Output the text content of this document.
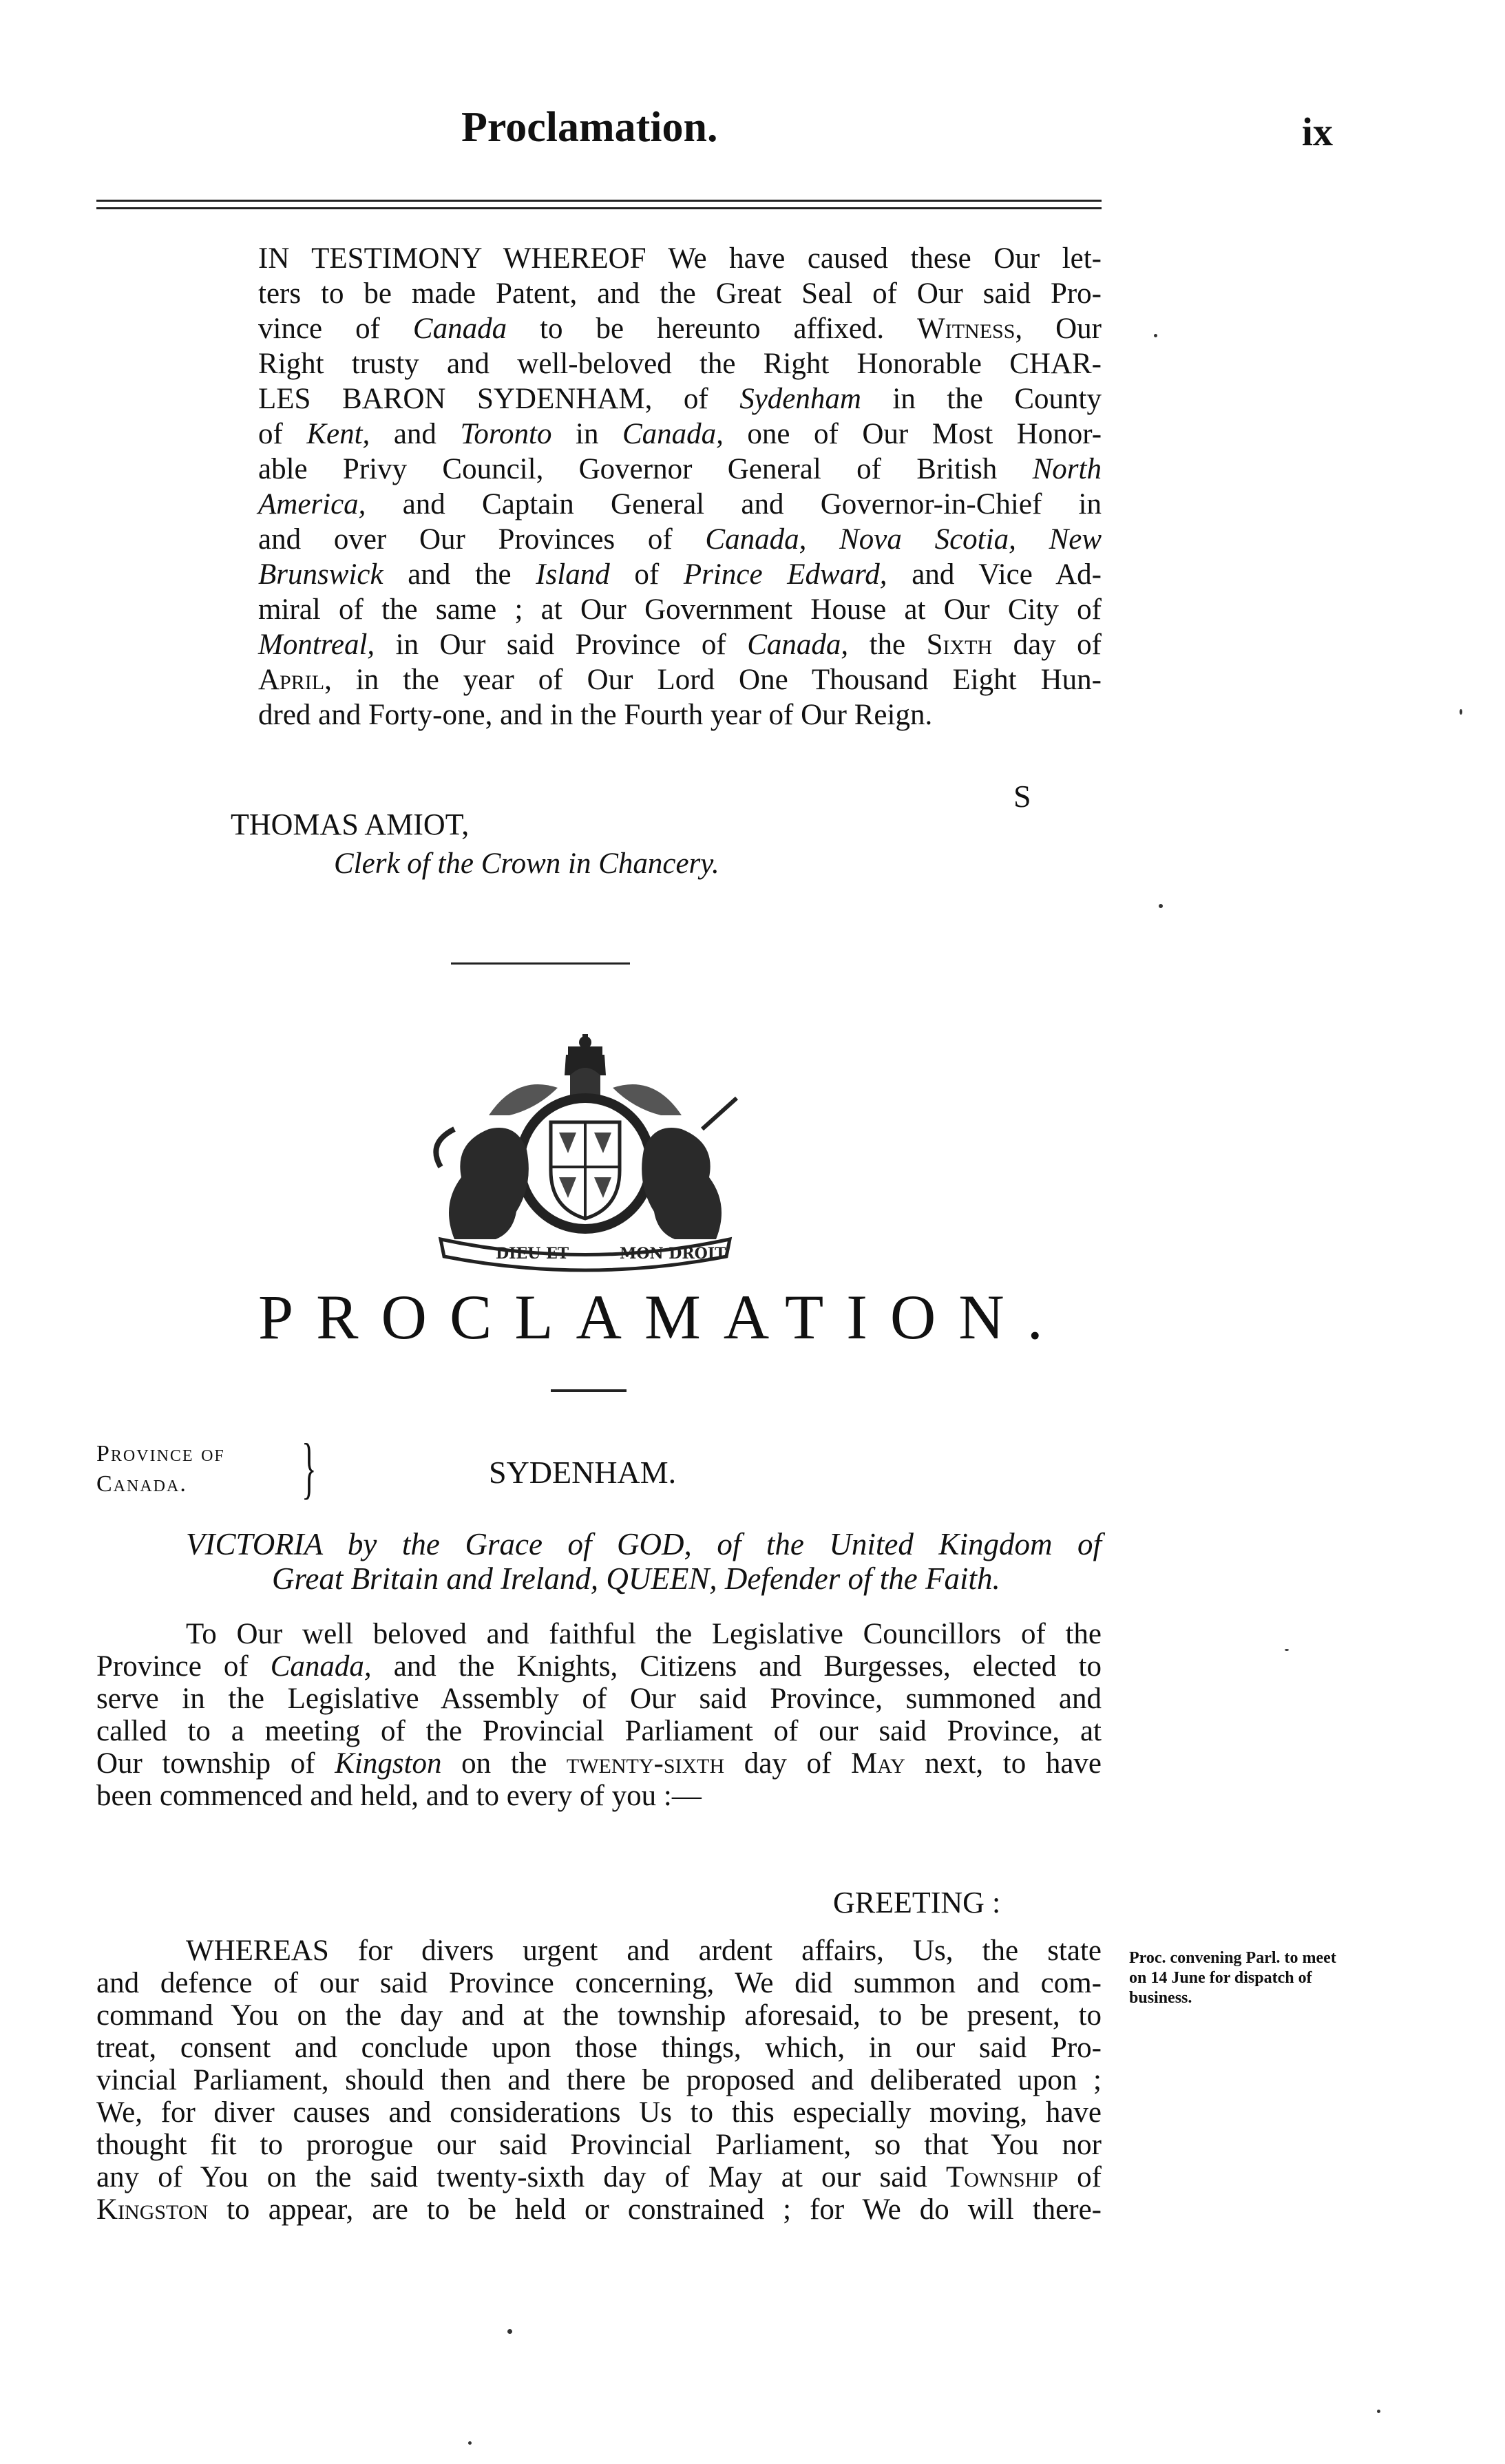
Proclamation.	ix
IN TESTIMONY WHEREOF We have caused these Our let-
ters to be made Patent, and the Great Seal of Our said Pro-
vince of Canada to be hereunto affixed. Witness, Our
Right trusty and well-beloved the Right Honorable CHAR-
LES BARON SYDENHAM, of Sydenham in the County
of Kent, and Toronto in Canada, one of Our Most Honor-
able Privy Council, Governor General of British North
America, and Captain General and Governor-in-Chief in
and over Our Provinces of Canada, Nova Scotia, New
Brunswick and the Island of Prince Edward, and Vice Ad-
miral of the same ; at Our Government House at Our City of
Montreal, in Our said Province of Canada, the Sixth day of
April, in the year of Our Lord One Thousand Eight Hun-
dred and Forty-one, and in the Fourth year of Our Reign.
S
THOMAS AMIOT,
Clerk of the Crown in Chancery.
DIEU ET	MON DROIT
PROCLAMATION.
Province of
Canada.	}	SYDENHAM.
VICTORIA by the Grace of GOD, of the United Kingdom of
Great Britain and Ireland, QUEEN, Defender of the Faith.
To Our well beloved and faithful the Legislative Councillors of the
Province of Canada, and the Knights, Citizens and Burgesses, elected to
serve in the Legislative Assembly of Our said Province, summoned and
called to a meeting of the Provincial Parliament of our said Province, at
Our township of Kingston on the twenty-sixth day of May next, to have
been commenced and held, and to every of you :—
GREETING :
WHEREAS for divers urgent and ardent affairs, Us, the state
and defence of our said Province concerning, We did summon and com-
command You on the day and at the township aforesaid, to be present, to
treat, consent and conclude upon those things, which, in our said Pro-
vincial Parliament, should then and there be proposed and deliberated upon ;
We, for diver causes and considerations Us to this especially moving, have
thought fit to prorogue our said Provincial Parliament, so that You nor
any of You on the said twenty-sixth day of May at our said Township of
Kingston to appear, are to be held or constrained ; for We do will there-
Proc. convening Parl. to meet on 14 June for dispatch of business.
